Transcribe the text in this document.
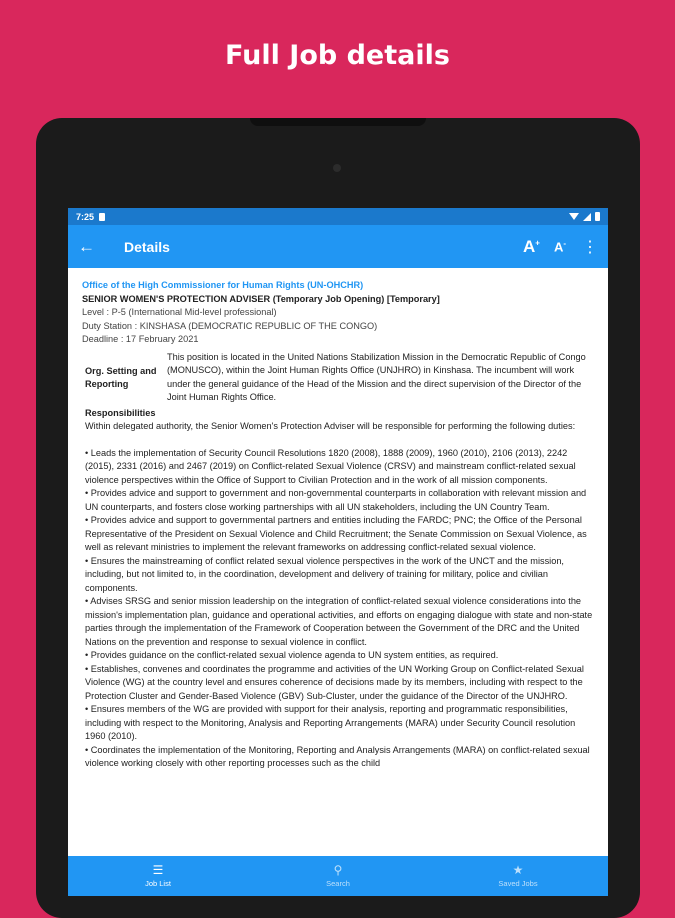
Full Job details
7:25
←	Details	A+ A- ⋮
Office of the High Commissioner for Human Rights (UN-OHCHR)
SENIOR WOMEN'S PROTECTION ADVISER (Temporary Job Opening) [Temporary]
Level : P-5 (International Mid-level professional)
Duty Station : KINSHASA (DEMOCRATIC REPUBLIC OF THE CONGO)
Deadline : 17 February 2021
Org. Setting and Reporting
This position is located in the United Nations Stabilization Mission in the Democratic Republic of Congo (MONUSCO), within the Joint Human Rights Office (UNJHRO) in Kinshasa. The incumbent will work under the general guidance of the Head of the Mission and the direct supervision of the Director of the Joint Human Rights Office.
Responsibilities
Within delegated authority, the Senior Women's Protection Adviser will be responsible for performing the following duties:

• Leads the implementation of Security Council Resolutions 1820 (2008), 1888 (2009), 1960 (2010), 2106 (2013), 2242 (2015), 2331 (2016) and 2467 (2019) on Conflict-related Sexual Violence (CRSV) and mainstream conflict-related sexual violence perspectives within the Office of Support to Civilian Protection and in the work of all mission components.

• Provides advice and support to government and non-governmental counterparts in collaboration with relevant mission and UN counterparts, and fosters close working partnerships with all UN stakeholders, including the UN Country Team.

• Provides advice and support to governmental partners and entities including the FARDC; PNC; the Office of the Personal Representative of the President on Sexual Violence and Child Recruitment; the Senate Commission on Sexual Violence, as well as relevant ministries to implement the relevant frameworks on addressing conflict-related sexual violence.

• Ensures the mainstreaming of conflict related sexual violence perspectives in the work of the UNCT and the mission, including, but not limited to, in the coordination, development and delivery of training for military, police and civilian components.

• Advises SRSG and senior mission leadership on the integration of conflict-related sexual violence considerations into the mission's implementation plan, guidance and operational activities, and efforts on engaging dialogue with state and non-state parties through the implementation of the Framework of Cooperation between the Government of the DRC and the United Nations on the prevention and response to sexual violence in conflict.

• Provides guidance on the conflict-related sexual violence agenda to UN system entities, as required.

• Establishes, convenes and coordinates the programme and activities of the UN Working Group on Conflict-related Sexual Violence (WG) at the country level and ensures coherence of decisions made by its members, including with respect to the Protection Cluster and Gender-Based Violence (GBV) Sub-Cluster, under the guidance of the Director of the UNJHRO.

• Ensures members of the WG are provided with support for their analysis, reporting and programmatic responsibilities, including with respect to the Monitoring, Analysis and Reporting Arrangements (MARA) under Security Council resolution 1960 (2010).

• Coordinates the implementation of the Monitoring, Reporting and Analysis Arrangements (MARA) on conflict-related sexual violence working closely with other reporting processes such as the child

☰
Job List
⚲
Search
★
Saved Jobs
